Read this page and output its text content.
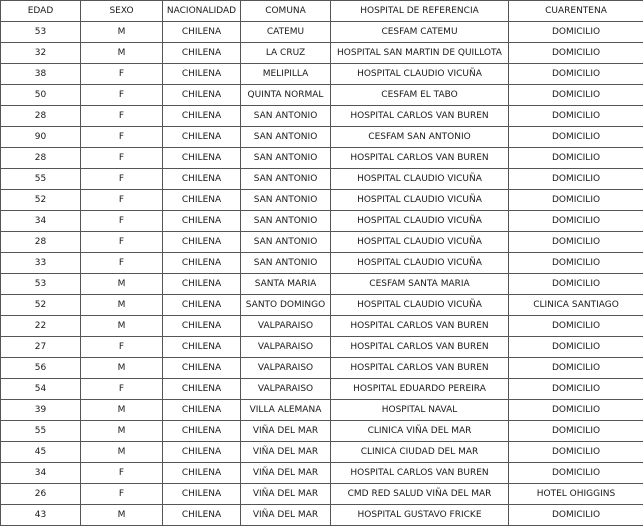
EDAD	SEXO	NACIONALIDAD	COMUNA	HOSPITAL DE REFERENCIA	CUARENTENA
53	M	CHILENA	CATEMU	CESFAM CATEMU	DOMICILIO
32	M	CHILENA	LA CRUZ	HOSPITAL SAN MARTIN DE QUILLOTA	DOMICILIO
38	F	CHILENA	MELIPILLA	HOSPITAL CLAUDIO VICUÑA	DOMICILIO
50	F	CHILENA	QUINTA NORMAL	CESFAM EL TABO	DOMICILIO
28	F	CHILENA	SAN ANTONIO	HOSPITAL CARLOS VAN BUREN	DOMICILIO
90	F	CHILENA	SAN ANTONIO	CESFAM SAN ANTONIO	DOMICILIO
28	F	CHILENA	SAN ANTONIO	HOSPITAL CARLOS VAN BUREN	DOMICILIO
55	F	CHILENA	SAN ANTONIO	HOSPITAL CLAUDIO VICUÑA	DOMICILIO
52	F	CHILENA	SAN ANTONIO	HOSPITAL CLAUDIO VICUÑA	DOMICILIO
34	F	CHILENA	SAN ANTONIO	HOSPITAL CLAUDIO VICUÑA	DOMICILIO
28	F	CHILENA	SAN ANTONIO	HOSPITAL CLAUDIO VICUÑA	DOMICILIO
33	F	CHILENA	SAN ANTONIO	HOSPITAL CLAUDIO VICUÑA	DOMICILIO
53	M	CHILENA	SANTA MARIA	CESFAM SANTA MARIA	DOMICILIO
52	M	CHILENA	SANTO DOMINGO	HOSPITAL CLAUDIO VICUÑA	CLINICA SANTIAGO
22	M	CHILENA	VALPARAISO	HOSPITAL CARLOS VAN BUREN	DOMICILIO
27	F	CHILENA	VALPARAISO	HOSPITAL CARLOS VAN BUREN	DOMICILIO
56	M	CHILENA	VALPARAISO	HOSPITAL CARLOS VAN BUREN	DOMICILIO
54	F	CHILENA	VALPARAISO	HOSPITAL EDUARDO PEREIRA	DOMICILIO
39	M	CHILENA	VILLA ALEMANA	HOSPITAL NAVAL	DOMICILIO
55	M	CHILENA	VIÑA DEL MAR	CLINICA VIÑA DEL MAR	DOMICILIO
45	M	CHILENA	VIÑA DEL MAR	CLINICA CIUDAD DEL MAR	DOMICILIO
34	F	CHILENA	VIÑA DEL MAR	HOSPITAL CARLOS VAN BUREN	DOMICILIO
26	F	CHILENA	VIÑA DEL MAR	CMD RED SALUD VIÑA DEL MAR	HOTEL OHIGGINS
43	M	CHILENA	VIÑA DEL MAR	HOSPITAL GUSTAVO FRICKE	DOMICILIO
